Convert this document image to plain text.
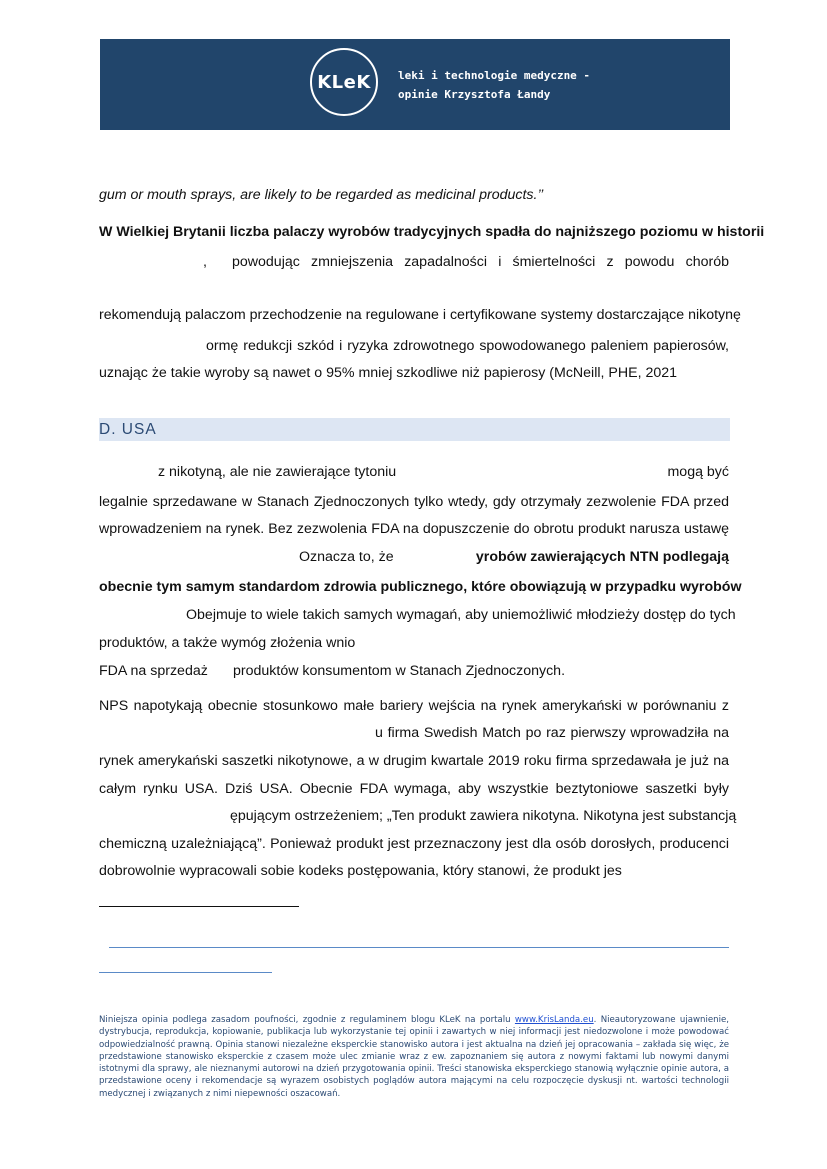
KLeK leki i technologie medyczne -
opinie Krzysztofa Łandy
gum or mouth sprays, are likely to be regarded as medicinal products.’’
W Wielkiej Brytanii liczba palaczy wyrobów tradycyjnych spadła do najniższego poziomu w historii
, powodując zmniejszenia zapadalności i śmiertelności z powodu chorób
rekomendują palaczom przechodzenie na regulowane i certyfikowane systemy dostarczające nikotynę
ormę redukcji szkód i ryzyka zdrowotnego spowodowanego paleniem papierosów,
uznając że takie wyroby są nawet o 95% mniej szkodliwe niż papierosy (McNeill, PHE, 2021
D. USA
z nikotyną, ale nie zawierające tytoniu	mogą być
legalnie sprzedawane w Stanach Zjednoczonych tylko wtedy, gdy otrzymały zezwolenie FDA przed
wprowadzeniem na rynek. Bez zezwolenia FDA na dopuszczenie do obrotu produkt narusza ustawę
Oznacza to, że	yrobów zawierających NTN podlegają
obecnie tym samym standardom zdrowia publicznego, które obowiązują w przypadku wyrobów
Obejmuje to wiele takich samych wymagań, aby uniemożliwić młodzieży dostęp do tych
produktów, a także wymóg złożenia wnio
FDA na sprzedaż produktów konsumentom w Stanach Zjednoczonych.
NPS napotykają obecnie stosunkowo małe bariery wejścia na rynek amerykański w porównaniu z
u firma Swedish Match po raz pierwszy wprowadziła na
rynek amerykański saszetki nikotynowe, a w drugim kwartale 2019 roku firma sprzedawała je już na
całym rynku USA. Dziś USA. Obecnie FDA wymaga, aby wszystkie beztytoniowe saszetki były
ępującym ostrzeżeniem; „Ten produkt zawiera nikotyna. Nikotyna jest substancją
chemiczną uzależniającą”. Ponieważ produkt jest przeznaczony jest dla osób dorosłych, producenci
dobrowolnie wypracowali sobie kodeks postępowania, który stanowi, że produkt jes
Niniejsza opinia podlega zasadom poufności, zgodnie z regulaminem blogu KLeK na portalu www.KrisLanda.eu. Nieautoryzowane ujawnienie, dystrybucja, reprodukcja, kopiowanie, publikacja lub wykorzystanie tej opinii i zawartych w niej informacji jest niedozwolone i może powodować odpowiedzialność prawną. Opinia stanowi niezależne eksperckie stanowisko autora i jest aktualna na dzień jej opracowania – zakłada się więc, że przedstawione stanowisko eksperckie z czasem może ulec zmianie wraz z ew. zapoznaniem się autora z nowymi faktami lub nowymi danymi istotnymi dla sprawy, ale nieznanymi autorowi na dzień przygotowania opinii. Treści stanowiska eksperckiego stanowią wyłącznie opinie autora, a przedstawione oceny i rekomendacje są wyrazem osobistych poglądów autora mającymi na celu rozpoczęcie dyskusji nt. wartości technologii medycznej i związanych z nimi niepewności oszacowań.
